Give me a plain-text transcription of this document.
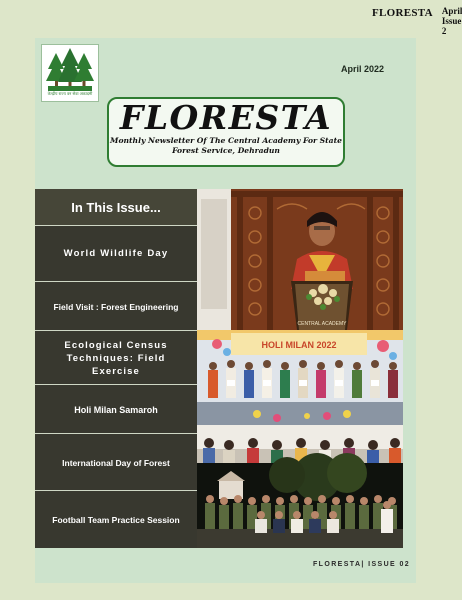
FLORESTA April
Issue 2
केन्द्रीय राज्य वन सेवा अकादमी
April 2022
FLORESTA
Monthly Newsletter Of The Central Academy For State
Forest Service, Dehradun
In This Issue...
World Wildlife Day
Field Visit : Forest Engineering
Ecological Census Techniques: Field Exercise
Holi Milan Samaroh
International Day of Forest
Football Team Practice Session
CENTRAL ACADEMY
HOLI MILAN 2022
FLORESTA| ISSUE 02
